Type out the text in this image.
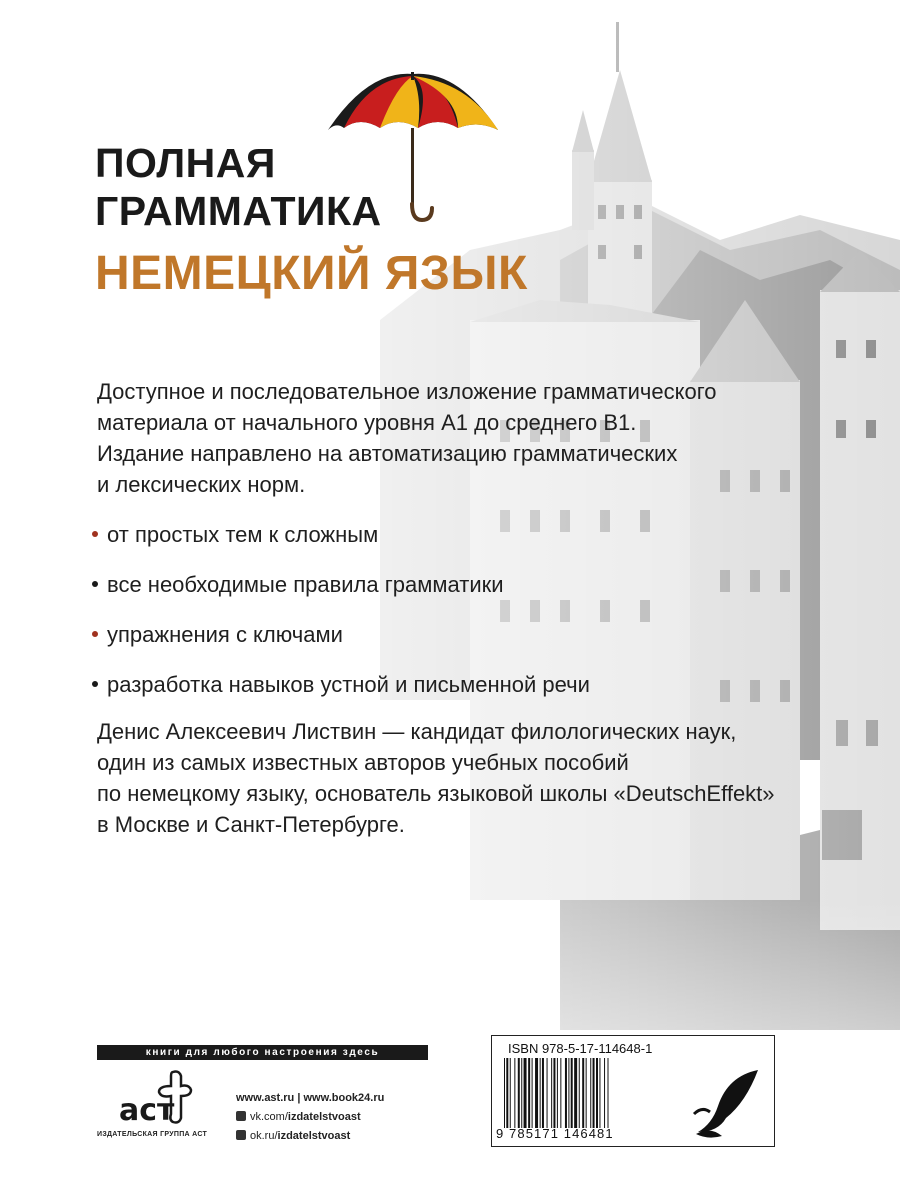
ПОЛНАЯ
ГРАММАТИКА
НЕМЕЦКИЙ ЯЗЫК
Доступное и последовательное изложение грамматического
материала от начального уровня А1 до среднего В1.
Издание направлено на автоматизацию грамматических
и лексических норм.
от простых тем к сложным
все необходимые правила грамматики
упражнения с ключами
разработка навыков устной и письменной речи
Денис Алексеевич Листвин — кандидат филологических наук,
один из самых известных авторов учебных пособий
по немецкому языку, основатель языковой школы «DeutschEffekt»
в Москве и Санкт-Петербурге.
книги для любого настроения здесь
аст
ИЗДАТЕЛЬСКАЯ ГРУППА АСТ
www.ast.ru | www.book24.ru
vk.com/izdatelstvoast
ok.ru/izdatelstvoast
ISBN 978-5-17-114648-1
9 785171 146481
